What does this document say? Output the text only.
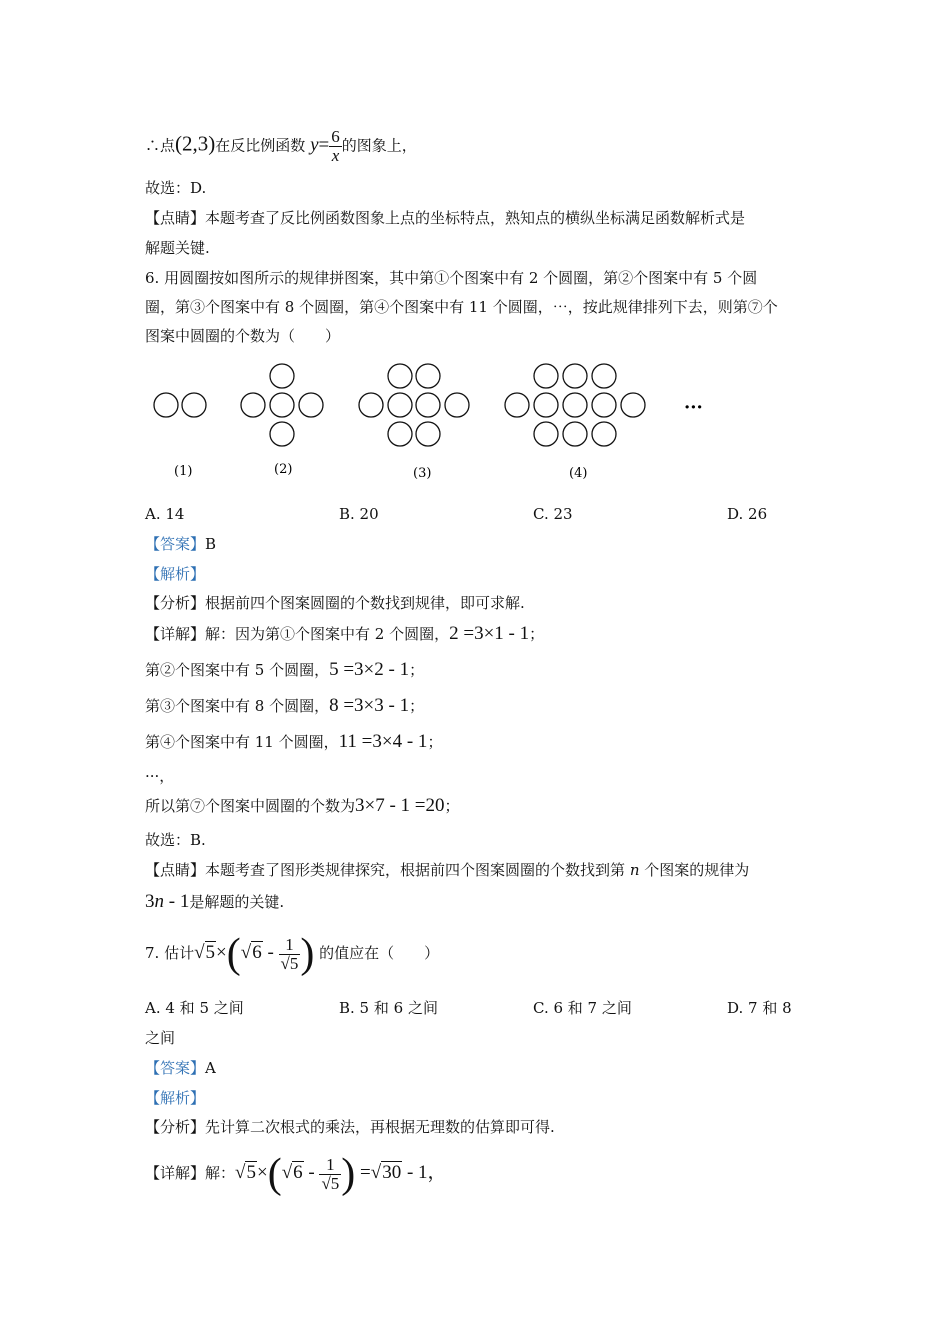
∴点(2,3)在反比例函数 $y= \frac{6}{x}$ 的图象上，
故选：D.
【点睛】本题考查了反比例函数图象上点的坐标特点，熟知点的横纵坐标满足函数解析式是
解题关键.
6. 用圆圈按如图所示的规律拼图案，其中第①个图案中有 2 个圆圈，第②个图案中有 5 个圆
圈，第③个图案中有 8 个圆圈，第④个图案中有 11 个圆圈，⋯，按此规律排列下去，则第⑦个
图案中圆圈的个数为（　　）
···
(1)	(2)	(3)	(4)
A. 14	B. 20	C. 23	D. 26
【答案】B
【解析】
【分析】根据前四个图案圆圈的个数找到规律，即可求解.
【详解】解：因为第①个图案中有 2 个圆圈，2 =3×1 - 1；
第②个图案中有 5 个圆圈，5 =3×2 - 1；
第③个图案中有 8 个圆圈，8 =3×3 - 1；
第④个图案中有 11 个圆圈，11 =3×4 - 1；
···，
所以第⑦个图案中圆圈的个数为3×7 - 1 =20；
故选：B.
【点睛】本题考查了图形类规律探究，根据前四个图案圆圈的个数找到第 n 个图案的规律为
3n - 1是解题的关键.
7. 估计$√5\times(√6 - \frac{1}{√5}$ ) 的值应在（　　）
A. 4 和 5 之间	B. 5 和 6 之间	C. 6 和 7 之间	D. 7 和 8
之间
【答案】A
【解析】
【分析】先计算二次根式的乘法，再根据无理数的估算即可得.
【详解】解：$√5\times(√6 - \frac{1}{√5}$ ) =√30 - 1，
